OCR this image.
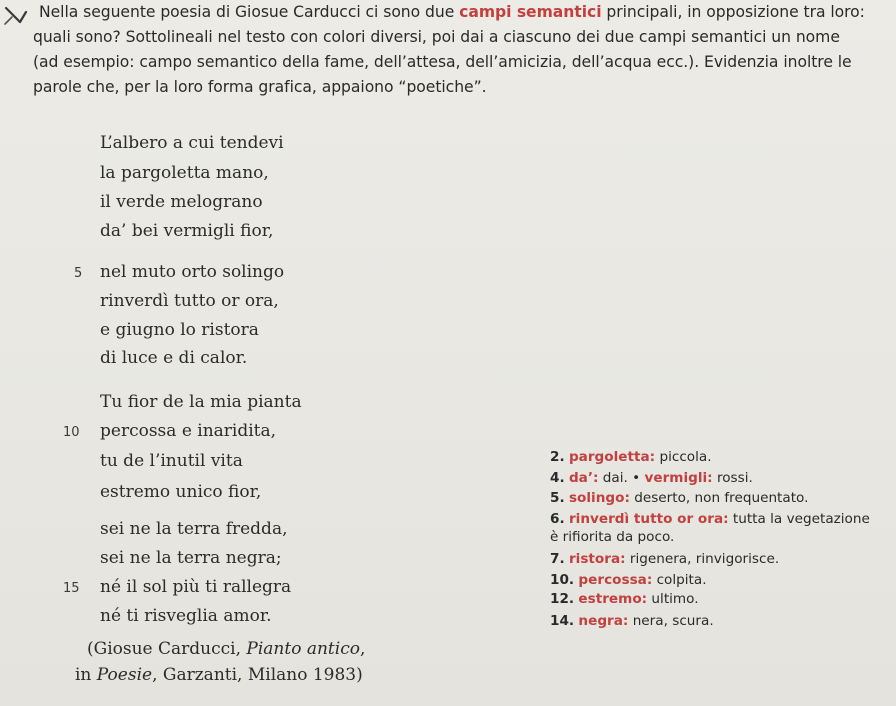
Nella seguente poesia di Giosue Carducci ci sono due campi semantici principali, in opposizione tra loro:
quali sono? Sottolineali nel testo con colori diversi, poi dai a ciascuno dei due campi semantici un nome
(ad esempio: campo semantico della fame, dell’attesa, dell’amicizia, dell’acqua ecc.). Evidenzia inoltre le
parole che, per la loro forma grafica, appaiono “poetiche”.
L’albero a cui tendevi
la pargoletta mano,
il verde melograno
da’ bei vermigli fior,
5 nel muto orto solingo
rinverdì tutto or ora,
e giugno lo ristora
di luce e di calor.
Tu fior de la mia pianta
10 percossa e inaridita,
tu de l’inutil vita
estremo unico fior,
sei ne la terra fredda,
sei ne la terra negra;
15 né il sol più ti rallegra
né ti risveglia amor.
(Giosue Carducci, Pianto antico,
in Poesie, Garzanti, Milano 1983)
2. pargoletta: piccola.
4. da’: dai. • vermigli: rossi.
5. solingo: deserto, non frequentato.
6. rinverdì tutto or ora: tutta la vegetazione
è rifiorita da poco.
7. ristora: rigenera, rinvigorisce.
10. percossa: colpita.
12. estremo: ultimo.
14. negra: nera, scura.
